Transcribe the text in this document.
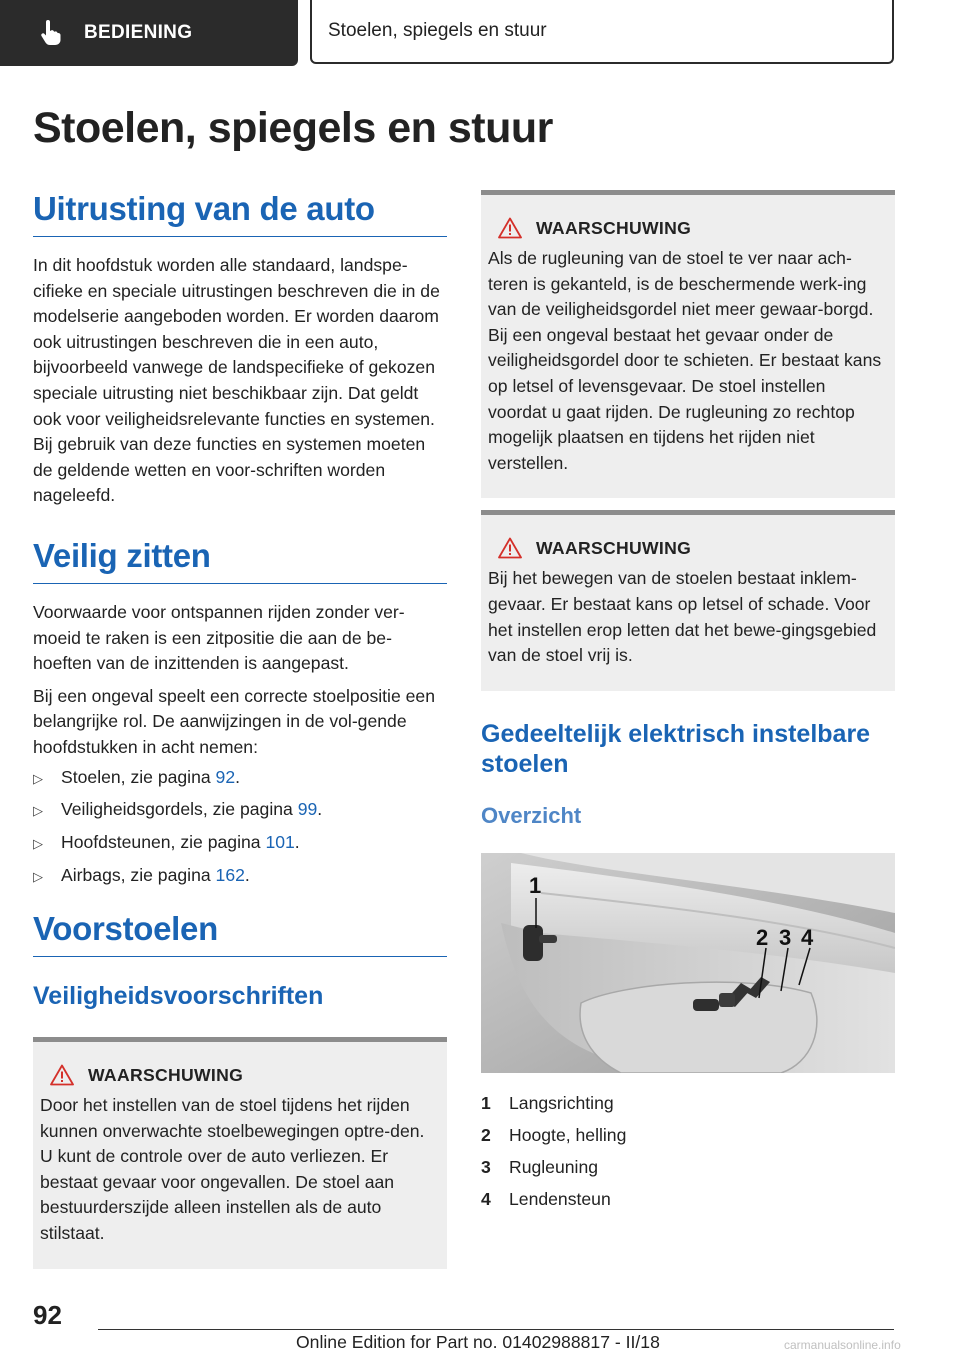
BEDIENING	Stoelen, spiegels en stuur
Stoelen, spiegels en stuur
Uitrusting van de auto

In dit hoofdstuk worden alle standaard, landspe-cifieke en speciale uitrustingen beschreven die in de modelserie aangeboden worden. Er worden daarom ook uitrustingen beschreven die in een auto, bijvoorbeeld vanwege de landspecifieke of gekozen speciale uitrusting niet beschikbaar zijn. Dat geldt ook voor veiligheidsrelevante functies en systemen. Bij gebruik van deze functies en systemen moeten de geldende wetten en voor-schriften worden nageleefd.

Veilig zitten

Voorwaarde voor ontspannen rijden zonder ver-moeid te raken is een zitpositie die aan de be-hoeften van de inzittenden is aangepast.

Bij een ongeval speelt een correcte stoelpositie een belangrijke rol. De aanwijzingen in de vol-gende hoofdstukken in acht nemen:

▷	Stoelen, zie pagina 92.
▷	Veiligheidsgordels, zie pagina 99.
▷	Hoofdsteunen, zie pagina 101.
▷	Airbags, zie pagina 162.
Voorstoelen
Veiligheidsvoorschriften
WAARSCHUWING

Door het instellen van de stoel tijdens het rijden kunnen onverwachte stoelbewegingen optre-den. U kunt de controle over de auto verliezen. Er bestaat gevaar voor ongevallen. De stoel aan bestuurderszijde alleen instellen als de auto stilstaat.

WAARSCHUWING

Als de rugleuning van de stoel te ver naar ach-teren is gekanteld, is de beschermende werk-ing van de veiligheidsgordel niet meer gewaar-borgd. Bij een ongeval bestaat het gevaar onder de veiligheidsgordel door te schieten. Er bestaat kans op letsel of levensgevaar. De stoel instellen voordat u gaat rijden. De rugleuning zo rechtop mogelijk plaatsen en tijdens het rijden niet verstellen.

WAARSCHUWING

Bij het bewegen van de stoelen bestaat inklem-gevaar. Er bestaat kans op letsel of schade. Voor het instellen erop letten dat het bewe-gingsgebied van de stoel vrij is.

Gedeeltelijk elektrisch instelbare stoelen
Overzicht
1
2 3 4
1	Langsrichting
2	Hoogte, helling
3	Rugleuning
4	Lendensteun
92
Online Edition for Part no. 01402988817 - II/18	carmanualsonline.info
